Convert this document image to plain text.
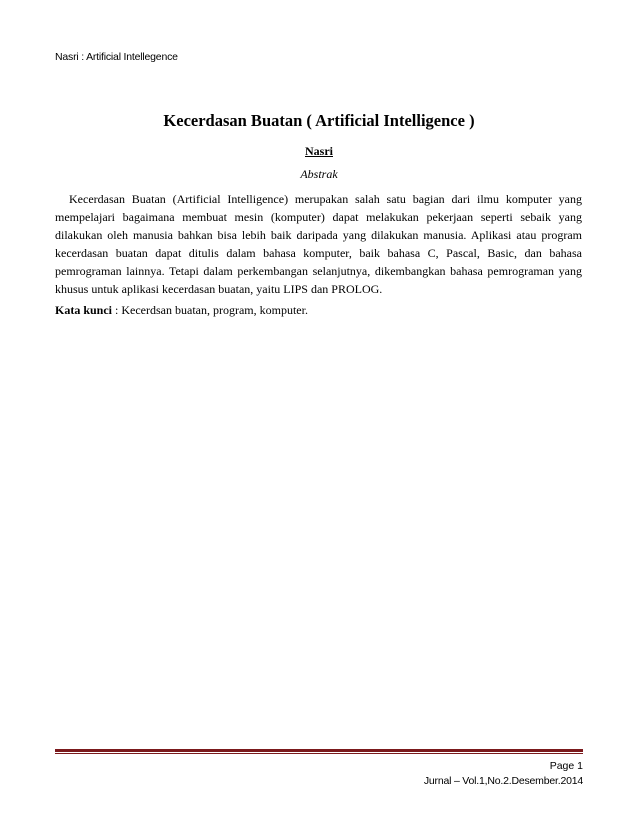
Nasri : Artificial Intellegence
Kecerdasan Buatan ( Artificial Intelligence )
Nasri
Abstrak

Kecerdasan Buatan (Artificial Intelligence) merupakan salah satu bagian dari ilmu komputer yang mempelajari bagaimana membuat mesin (komputer) dapat melakukan pekerjaan seperti sebaik yang dilakukan oleh manusia bahkan bisa lebih baik daripada yang dilakukan manusia. Aplikasi atau program kecerdasan buatan dapat ditulis dalam bahasa komputer, baik bahasa C, Pascal, Basic, dan bahasa pemrograman lainnya. Tetapi dalam perkembangan selanjutnya, dikembangkan bahasa pemrograman yang khusus untuk aplikasi kecerdasan buatan, yaitu LIPS dan PROLOG.

Kata kunci : Kecerdsan buatan, program, komputer.
Page 1
Jurnal – Vol.1,No.2.Desember.2014
